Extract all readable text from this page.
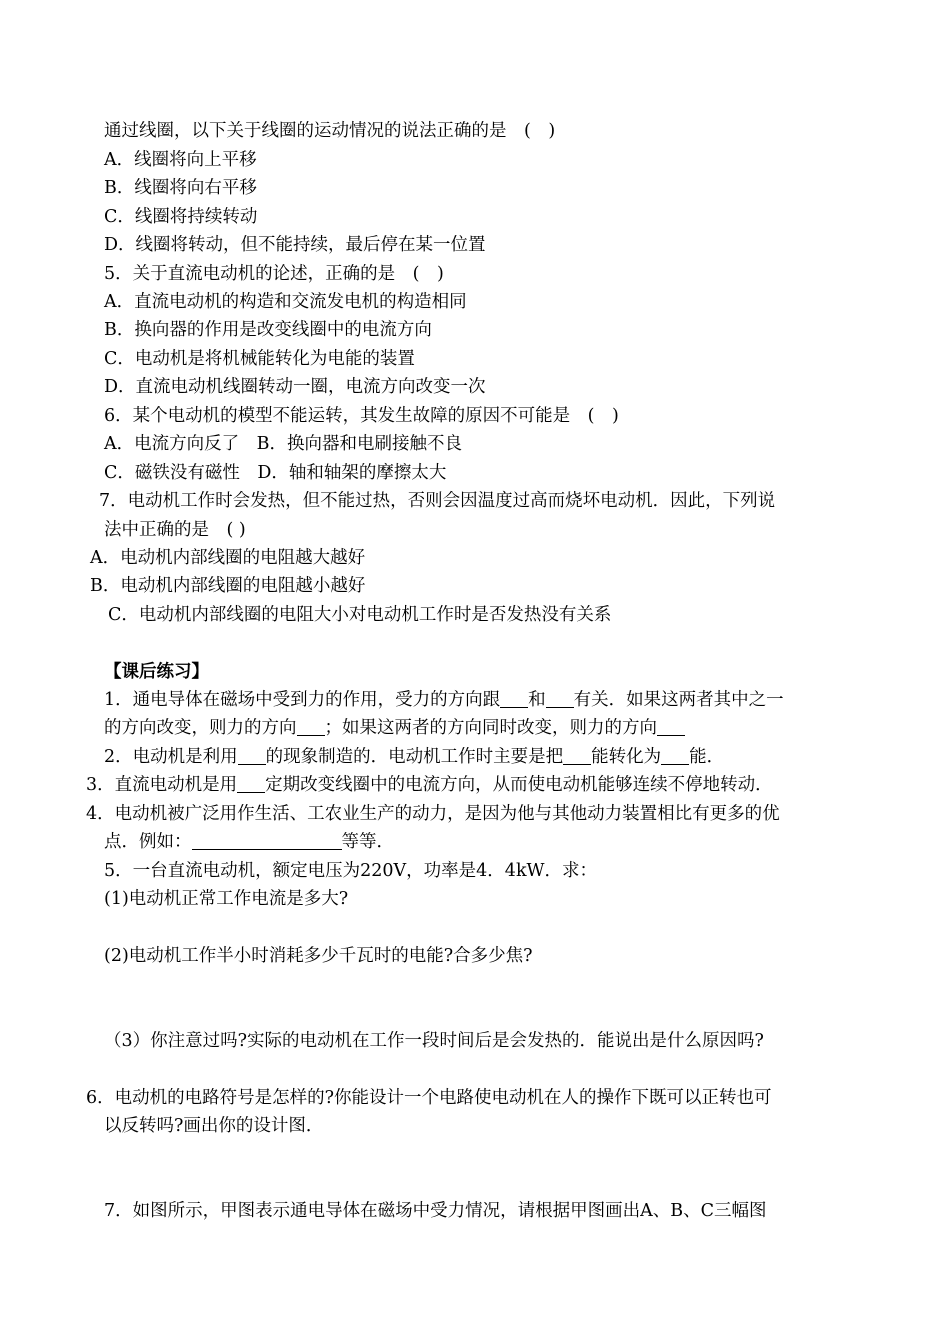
通过线圈，以下关于线圈的运动情况的说法正确的是　(　)
A．线圈将向上平移
B．线圈将向右平移
C．线圈将持续转动
D．线圈将转动，但不能持续，最后停在某一位置
5．关于直流电动机的论述，正确的是　(　)
A．直流电动机的构造和交流发电机的构造相同
B．换向器的作用是改变线圈中的电流方向
C．电动机是将机械能转化为电能的装置
D．直流电动机线圈转动一圈，电流方向改变一次
6．某个电动机的模型不能运转，其发生故障的原因不可能是　(　)
A．电流方向反了　B．换向器和电刷接触不良
C．磁铁没有磁性　D．轴和轴架的摩擦太大
7．电动机工作时会发热，但不能过热，否则会因温度过高而烧坏电动机．因此，下列说
法中正确的是　( )
A．电动机内部线圈的电阻越大越好
B．电动机内部线圈的电阻越小越好
C．电动机内部线圈的电阻大小对电动机工作时是否发热没有关系
【课后练习】
1．通电导体在磁场中受到力的作用，受力的方向跟 和 有关．如果这两者其中之一
的方向改变，则力的方向 ；如果这两者的方向同时改变，则力的方向
2．电动机是利用 的现象制造的．电动机工作时主要是把 能转化为 能．
3．直流电动机是用 定期改变线圈中的电流方向，从而使电动机能够连续不停地转动．
4．电动机被广泛用作生活、工农业生产的动力，是因为他与其他动力装置相比有更多的优
点．例如：	等等．
5．一台直流电动机，额定电压为220V，功率是4．4kW．求：
(1)电动机正常工作电流是多大?
(2)电动机工作半小时消耗多少千瓦时的电能?合多少焦?
（3）你注意过吗?实际的电动机在工作一段时间后是会发热的．能说出是什么原因吗?
6．电动机的电路符号是怎样的?你能设计一个电路使电动机在人的操作下既可以正转也可
以反转吗?画出你的设计图．
7．如图所示，甲图表示通电导体在磁场中受力情况，请根据甲图画出A、B、C三幅图
